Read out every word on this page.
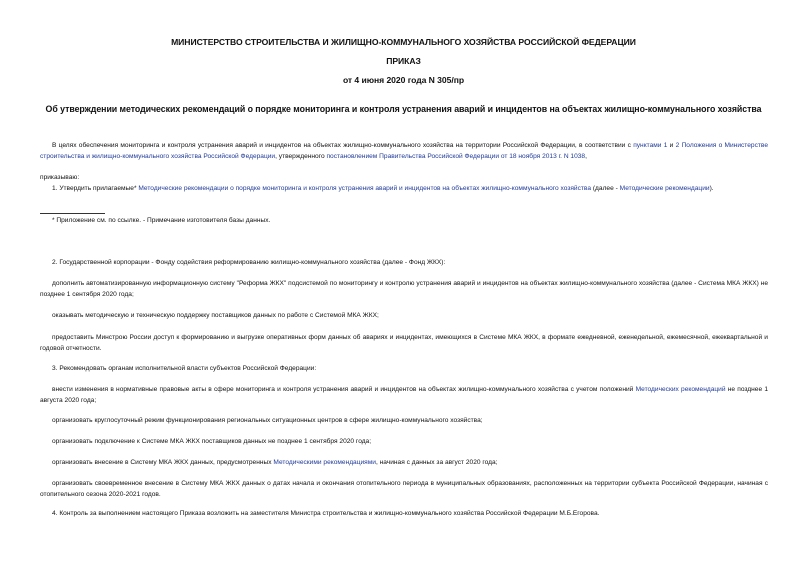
МИНИСТЕРСТВО СТРОИТЕЛЬСТВА И ЖИЛИЩНО-КОММУНАЛЬНОГО ХОЗЯЙСТВА РОССИЙСКОЙ ФЕДЕРАЦИИ
ПРИКАЗ
от 4 июня 2020 года N 305/пр
Об утверждении методических рекомендаций о порядке мониторинга и контроля устранения аварий и инцидентов на объектах жилищно-коммунального хозяйства
В целях обеспечения мониторинга и контроля устранения аварий и инцидентов на объектах жилищно-коммунального хозяйства на территории Российской Федерации, в соответствии с пунктами 1 и 2 Положения о Министерстве строительства и жилищно-коммунального хозяйства Российской Федерации, утвержденного постановлением Правительства Российской Федерации от 18 ноября 2013 г. N 1038,
приказываю:
1. Утвердить прилагаемые* Методические рекомендации о порядке мониторинга и контроля устранения аварий и инцидентов на объектах жилищно-коммунального хозяйства (далее - Методические рекомендации).
* Приложение см. по ссылке. - Примечание изготовителя базы данных.
2. Государственной корпорации - Фонду содействия реформированию жилищно-коммунального хозяйства (далее - Фонд ЖКХ):
дополнить автоматизированную информационную систему "Реформа ЖКХ" подсистемой по мониторингу и контролю устранения аварий и инцидентов на объектах жилищно-коммунального хозяйства (далее - Система МКА ЖКХ) не позднее 1 сентября 2020 года;
оказывать методическую и техническую поддержку поставщиков данных по работе с Системой МКА ЖКХ;
предоставить Минстрою России доступ к формированию и выгрузке оперативных форм данных об авариях и инцидентах, имеющихся в Системе МКА ЖКХ, в формате ежедневной, еженедельной, ежемесячной, ежеквартальной и годовой отчетности.
3. Рекомендовать органам исполнительной власти субъектов Российской Федерации:
внести изменения в нормативные правовые акты в сфере мониторинга и контроля устранения аварий и инцидентов на объектах жилищно-коммунального хозяйства с учетом положений Методических рекомендаций не позднее 1 августа 2020 года;
организовать круглосуточный режим функционирования региональных ситуационных центров в сфере жилищно-коммунального хозяйства;
организовать подключение к Системе МКА ЖКХ поставщиков данных не позднее 1 сентября 2020 года;
организовать внесение в Систему МКА ЖКХ данных, предусмотренных Методическими рекомендациями, начиная с данных за август 2020 года;
организовать своевременное внесение в Систему МКА ЖКХ данных о датах начала и окончания отопительного периода в муниципальных образованиях, расположенных на территории субъекта Российской Федерации, начиная с отопительного сезона 2020-2021 годов.
4. Контроль за выполнением настоящего Приказа возложить на заместителя Министра строительства и жилищно-коммунального хозяйства Российской Федерации М.Б.Егорова.
